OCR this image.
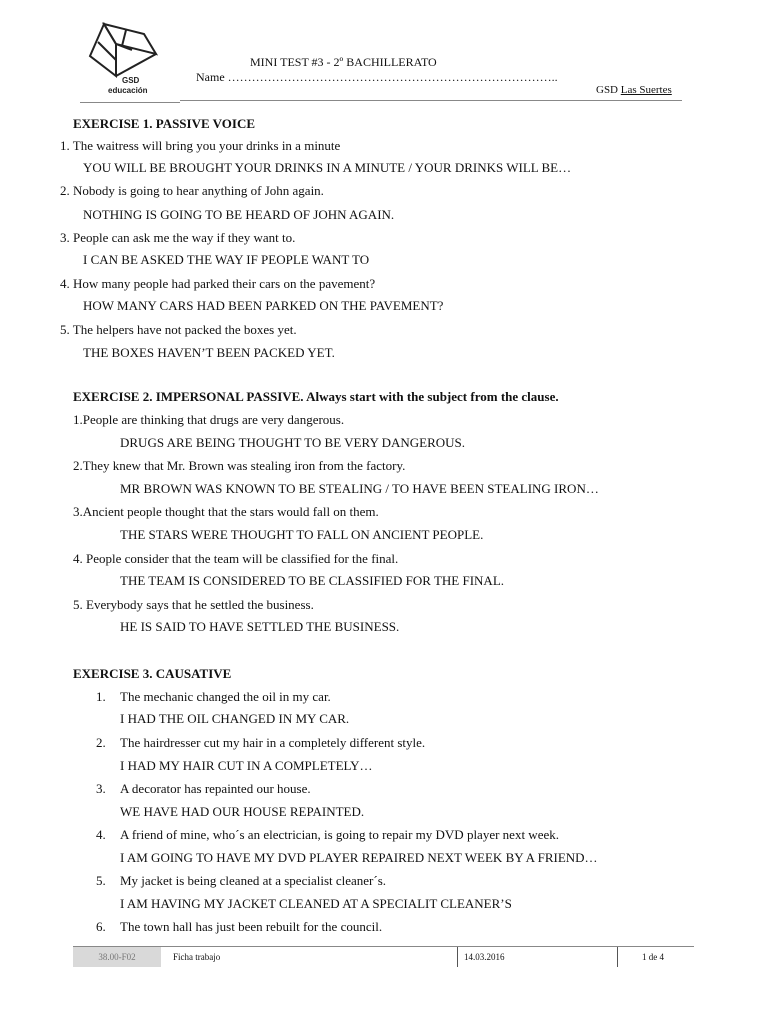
GSD
educación
MINI TEST #3 - 2º BACHILLERATO
Name ………………………………………………………………………..
GSD Las Suertes
EXERCISE 1. PASSIVE VOICE
1. The waitress will bring you your drinks in a minute
YOU WILL BE BROUGHT YOUR DRINKS IN A MINUTE / YOUR DRINKS WILL BE…
2. Nobody is going to hear anything of John again.
NOTHING IS GOING TO BE HEARD OF JOHN AGAIN.
3. People can ask me the way if they want to.
I CAN BE ASKED THE WAY IF PEOPLE WANT TO
4. How many people had parked their cars on the pavement?
HOW MANY CARS HAD BEEN PARKED ON THE PAVEMENT?
5. The helpers have not packed the boxes yet.
THE BOXES HAVEN’T BEEN PACKED YET.
EXERCISE 2. IMPERSONAL PASSIVE. Always start with the subject from the clause.
1.People are thinking that drugs are very dangerous.
DRUGS ARE BEING THOUGHT TO BE VERY DANGEROUS.
2.They knew that Mr. Brown was stealing iron from the factory.
MR BROWN WAS KNOWN TO BE STEALING / TO HAVE BEEN STEALING IRON…
3.Ancient people thought that the stars would fall on them.
THE STARS WERE THOUGHT TO FALL ON ANCIENT PEOPLE.
4. People consider that the team will be classified for the final.
THE TEAM IS CONSIDERED TO BE CLASSIFIED FOR THE FINAL.
5. Everybody says that he settled the business.
HE IS SAID TO HAVE SETTLED THE BUSINESS.
EXERCISE 3. CAUSATIVE
1. The mechanic changed the oil in my car.
I HAD THE OIL CHANGED IN MY CAR.
2. The hairdresser cut my hair in a completely different style.
I HAD MY HAIR CUT IN A COMPLETELY…
3. A decorator has repainted our house.
WE HAVE HAD OUR HOUSE REPAINTED.
4. A friend of mine, who´s an electrician, is going to repair my DVD player next week.
I AM GOING TO HAVE MY DVD PLAYER REPAIRED NEXT WEEK BY A FRIEND…
5. My jacket is being cleaned at a specialist cleaner´s.
I AM HAVING MY JACKET CLEANED AT A SPECIALIT CLEANER’S
6. The town hall has just been rebuilt for the council.
38.00-F02	Ficha trabajo	14.03.2016	1 de 4
